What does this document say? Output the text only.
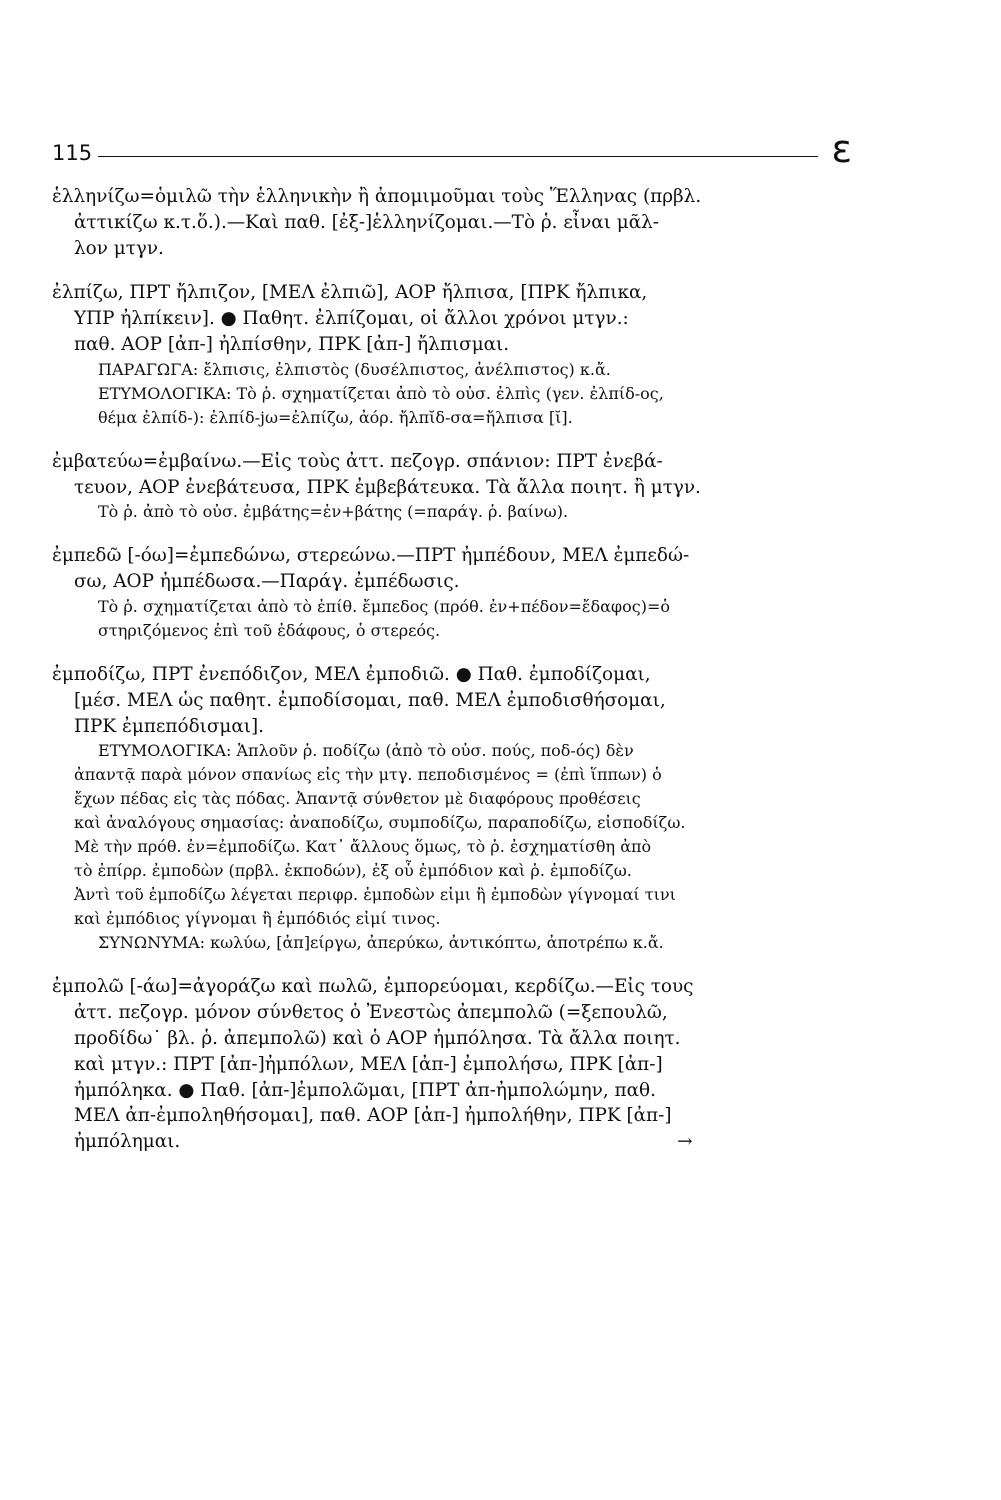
115	ε
ἑλληνίζω=ὁμιλῶ τὴν ἑλληνικὴν ἢ ἀπομιμοῦμαι τοὺς Ἕλληνας (πρβλ.
ἀττικίζω κ.τ.ὅ.).—Καὶ παθ. [ἐξ-]ἑλληνίζομαι.—Τὸ ῥ. εἶναι μᾶλ-
λον μτγν.
ἐλπίζω, ΠΡΤ ἤλπιζον, [ΜΕΛ ἐλπιῶ], ΑΟΡ ἤλπισα, [ΠΡΚ ἤλπικα,
ΥΠΡ ἠλπίκειν]. ● Παθητ. ἐλπίζομαι, οἱ ἄλλοι χρόνοι μτγν.:
παθ. ΑΟΡ [ἀπ-] ἠλπίσθην, ΠΡΚ [ἀπ-] ἤλπισμαι.
ΠΑΡΑΓΩΓΑ: ἔλπισις, ἐλπιστὸς (δυσέλπιστος, ἀνέλπιστος) κ.ἄ.
ΕΤΥΜΟΛΟΓΙΚΑ: Τὸ ῥ. σχηματίζεται ἀπὸ τὸ οὐσ. ἐλπὶς (γεν. ἐλπίδ-ος,
θέμα ἐλπίδ-): ἐλπίδ-jω=ἐλπίζω, ἀόρ. ἤλπῐδ-σα=ἤλπισα [ῐ].
ἐμβατεύω=ἐμβαίνω.—Εἰς τοὺς ἀττ. πεζογρ. σπάνιον: ΠΡΤ ἐνεβά-
τευον, ΑΟΡ ἐνεβάτευσα, ΠΡΚ ἐμβεβάτευκα. Τὰ ἄλλα ποιητ. ἢ μτγν.
Τὸ ῥ. ἀπὸ τὸ οὐσ. ἐμβάτης=ἐν+βάτης (=παράγ. ῥ. βαίνω).
ἐμπεδῶ [-όω]=ἐμπεδώνω, στερεώνω.—ΠΡΤ ἠμπέδουν, ΜΕΛ ἐμπεδώ-
σω, ΑΟΡ ἠμπέδωσα.—Παράγ. ἐμπέδωσις.
Τὸ ῥ. σχηματίζεται ἀπὸ τὸ ἐπίθ. ἔμπεδος (πρόθ. ἐν+πέδον=ἔδαφος)=ὁ
στηριζόμενος ἐπὶ τοῦ ἐδάφους, ὁ στερεός.
ἐμποδίζω, ΠΡΤ ἐνεπόδιζον, ΜΕΛ ἐμποδιῶ. ● Παθ. ἐμποδίζομαι,
[μέσ. ΜΕΛ ὡς παθητ. ἐμποδίσομαι, παθ. ΜΕΛ ἐμποδισθήσομαι,
ΠΡΚ ἐμπεπόδισμαι].
ΕΤΥΜΟΛΟΓΙΚΑ: Ἁπλοῦν ῥ. ποδίζω (ἀπὸ τὸ οὐσ. πούς, ποδ-ός) δὲν
ἀπαντᾷ παρὰ μόνον σπανίως εἰς τὴν μτγ. πεποδισμένος = (ἐπὶ ἵππων) ὁ
ἔχων πέδας εἰς τὰς πόδας. Ἀπαντᾷ σύνθετον μὲ διαφόρους προθέσεις
καὶ ἀναλόγους σημασίας: ἀναποδίζω, συμποδίζω, παραποδίζω, εἰσποδίζω.
Μὲ τὴν πρόθ. ἐν=ἐμποδίζω. Κατ᾽ ἄλλους ὅμως, τὸ ῥ. ἐσχηματίσθη ἀπὸ
τὸ ἐπίρρ. ἐμποδὼν (πρβλ. ἐκποδών), ἐξ οὗ ἐμπόδιον καὶ ῥ. ἐμποδίζω.
Ἀντὶ τοῦ ἐμποδίζω λέγεται περιφρ. ἐμποδὼν εἰμι ἢ ἐμποδὼν γίγνομαί τινι
καὶ ἐμπόδιος γίγνομαι ἢ ἐμπόδιός εἰμί τινος.
ΣΥΝΩΝΥΜΑ: κωλύω, [ἀπ]είργω, ἀπερύκω, ἀντικόπτω, ἀποτρέπω κ.ἄ.
ἐμπολῶ [-άω]=ἀγοράζω καὶ πωλῶ, ἐμπορεύομαι, κερδίζω.—Εἰς τους
ἀττ. πεζογρ. μόνον σύνθετος ὁ Ἐνεστὼς ἀπεμπολῶ (=ξεπουλῶ,
προδίδω˙ βλ. ῥ. ἀπεμπολῶ) καὶ ὁ ΑΟΡ ἠμπόλησα. Τὰ ἄλλα ποιητ.
καὶ μτγν.: ΠΡΤ [ἀπ-]ἠμπόλων, ΜΕΛ [ἀπ-] ἐμπολήσω, ΠΡΚ [ἀπ-]
ἠμπόληκα. ● Παθ. [ἀπ-]ἐμπολῶμαι, [ΠΡΤ ἀπ-ἠμπολώμην, παθ.
ΜΕΛ ἀπ-ἐμποληθήσομαι], παθ. ΑΟΡ [ἀπ-] ἠμπολήθην, ΠΡΚ [ἀπ-]
ἠμπόλημαι.                                                                                     →
